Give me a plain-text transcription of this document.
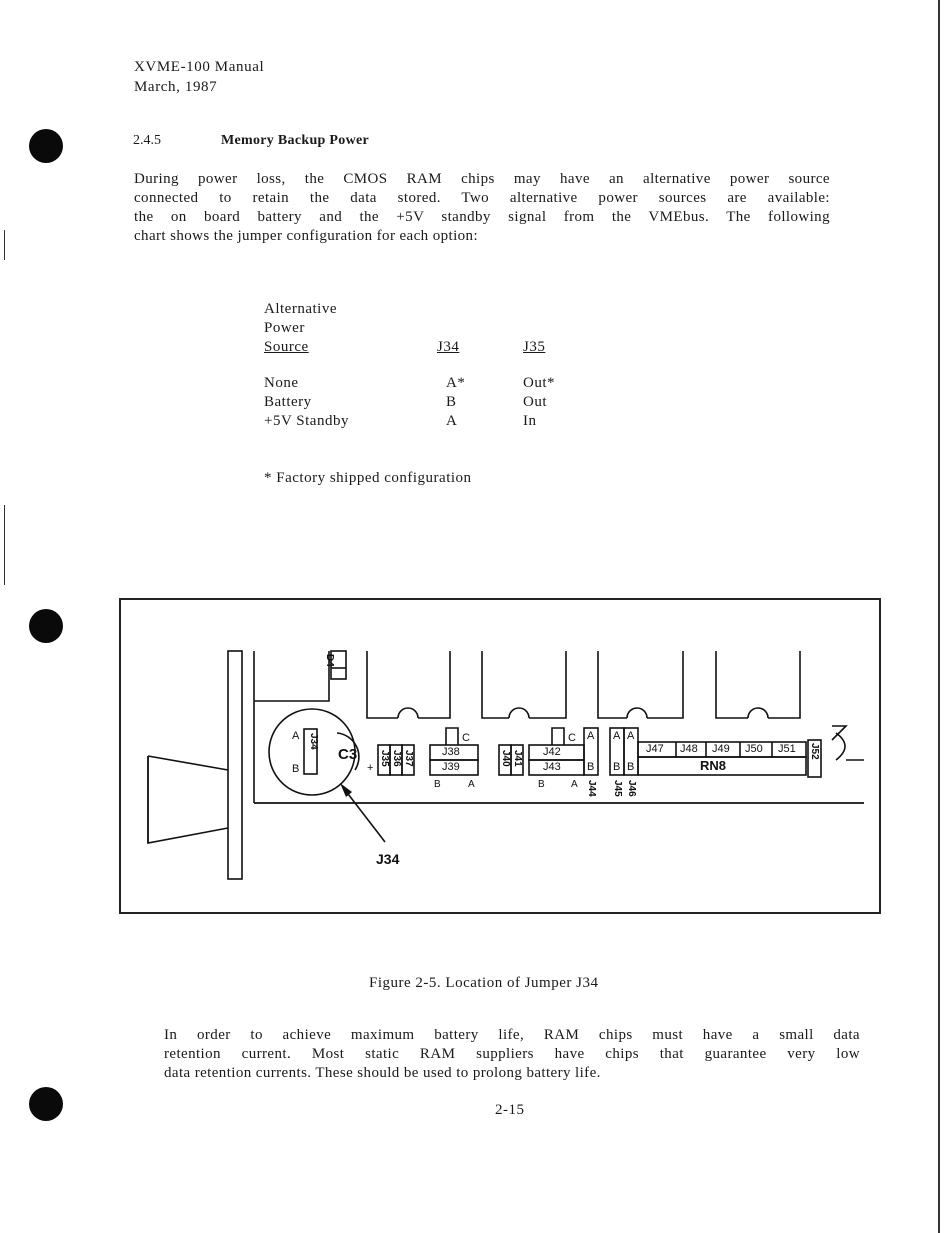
XVME-100 Manual
March, 1987
2.4.5	Memory Backup Power
During power loss, the CMOS RAM chips may have an alternative power source
connected to retain the data stored. Two alternative power sources are available:
the on board battery and the +5V standby signal from the VMEbus. The following
chart shows the jumper configuration for each option:
Alternative
Power
Source	J34	J35
None	A*	Out*
Battery	B	Out
+5V Standby	A	In
* Factory shipped configuration
D4
A
B
J34
C3
+
J35 J36 J37
C
J38
J39
B	A
J40 J41
C
J42
J43
B	A
A
B
J44
A
B
J45
A
B
J46
J47 J48 J49 J50 J51
RN8
J52
J34
Figure 2-5. Location of Jumper J34
In order to achieve maximum battery life, RAM chips must have a small data
retention current. Most static RAM suppliers have chips that guarantee very low
data retention currents. These should be used to prolong battery life.
2-15
